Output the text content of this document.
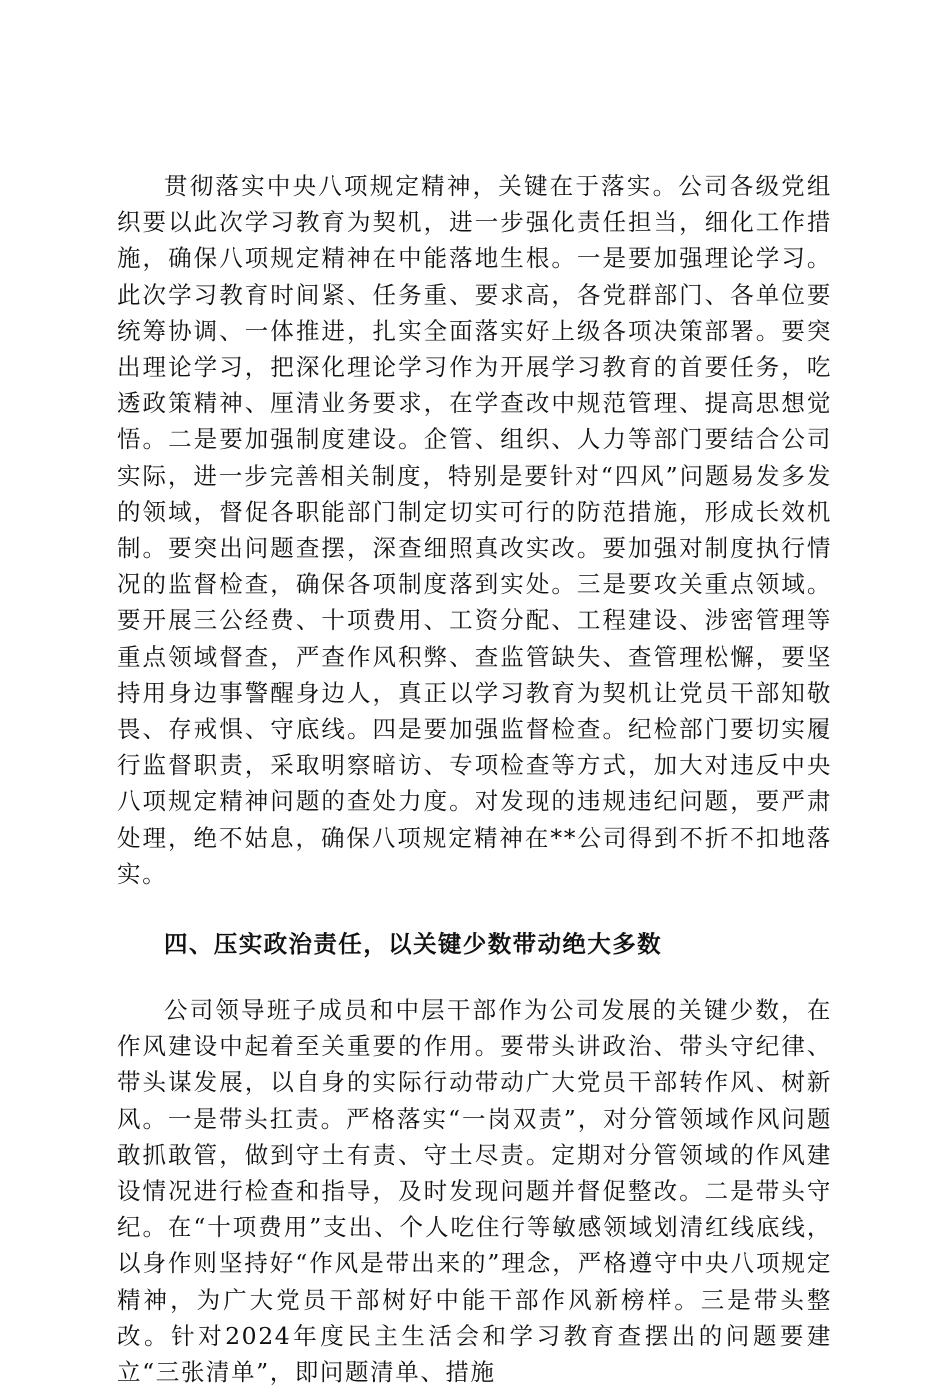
贯彻落实中央八项规定精神，关键在于落实。公司各级党组织要以此次学习教育为契机，进一步强化责任担当，细化工作措施，确保八项规定精神在中能落地生根。一是要加强理论学习。此次学习教育时间紧、任务重、要求高，各党群部门、各单位要统筹协调、一体推进，扎实全面落实好上级各项决策部署。要突出理论学习，把深化理论学习作为开展学习教育的首要任务，吃透政策精神、厘清业务要求，在学查改中规范管理、提高思想觉悟。二是要加强制度建设。企管、组织、人力等部门要结合公司实际，进一步完善相关制度，特别是要针对“四风”问题易发多发的领域，督促各职能部门制定切实可行的防范措施，形成长效机制。要突出问题查摆，深查细照真改实改。要加强对制度执行情况的监督检查，确保各项制度落到实处。三是要攻关重点领域。要开展三公经费、十项费用、工资分配、工程建设、涉密管理等重点领域督查，严查作风积弊、查监管缺失、查管理松懈，要坚持用身边事警醒身边人，真正以学习教育为契机让党员干部知敬畏、存戒惧、守底线。四是要加强监督检查。纪检部门要切实履行监督职责，采取明察暗访、专项检查等方式，加大对违反中央八项规定精神问题的查处力度。对发现的违规违纪问题，要严肃处理，绝不姑息，确保八项规定精神在**公司得到不折不扣地落实。

四、压实政治责任，以关键少数带动绝大多数

公司领导班子成员和中层干部作为公司发展的关键少数，在作风建设中起着至关重要的作用。要带头讲政治、带头守纪律、带头谋发展，以自身的实际行动带动广大党员干部转作风、树新风。一是带头扛责。严格落实“一岗双责”，对分管领域作风问题敢抓敢管，做到守土有责、守土尽责。定期对分管领域的作风建设情况进行检查和指导，及时发现问题并督促整改。二是带头守纪。在“十项费用”支出、个人吃住行等敏感领域划清红线底线，以身作则坚持好“作风是带出来的”理念，严格遵守中央八项规定精神，为广大党员干部树好中能干部作风新榜样。三是带头整改。针对2024年度民主生活会和学习教育查摆出的问题要建立“三张清单”，即问题清单、措施
